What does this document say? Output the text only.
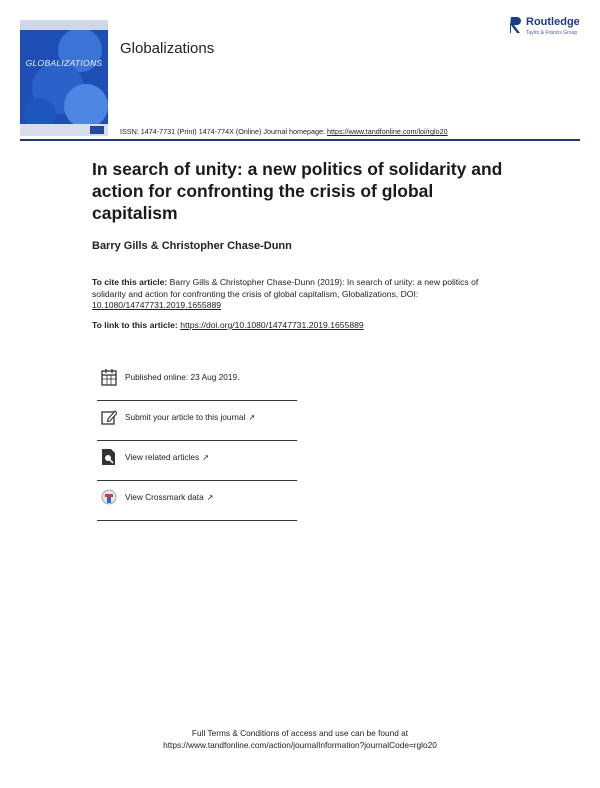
GLOBALIZATIONS
Routledge
Taylor & Francis Group
Globalizations
ISSN: 1474-7731 (Print) 1474-774X (Online) Journal homepage: https://www.tandfonline.com/loi/rglo20
In search of unity: a new politics of solidarity and action for confronting the crisis of global capitalism
Barry Gills & Christopher Chase-Dunn
To cite this article: Barry Gills & Christopher Chase-Dunn (2019): In search of unity: a new politics of solidarity and action for confronting the crisis of global capitalism, Globalizations, DOI: 10.1080/14747731.2019.1655889
To link to this article: https://doi.org/10.1080/14747731.2019.1655889
Published online: 23 Aug 2019.
Submit your article to this journal ↗
View related articles ↗
View Crossmark data ↗
Full Terms & Conditions of access and use can be found at
https://www.tandfonline.com/action/journalInformation?journalCode=rglo20
